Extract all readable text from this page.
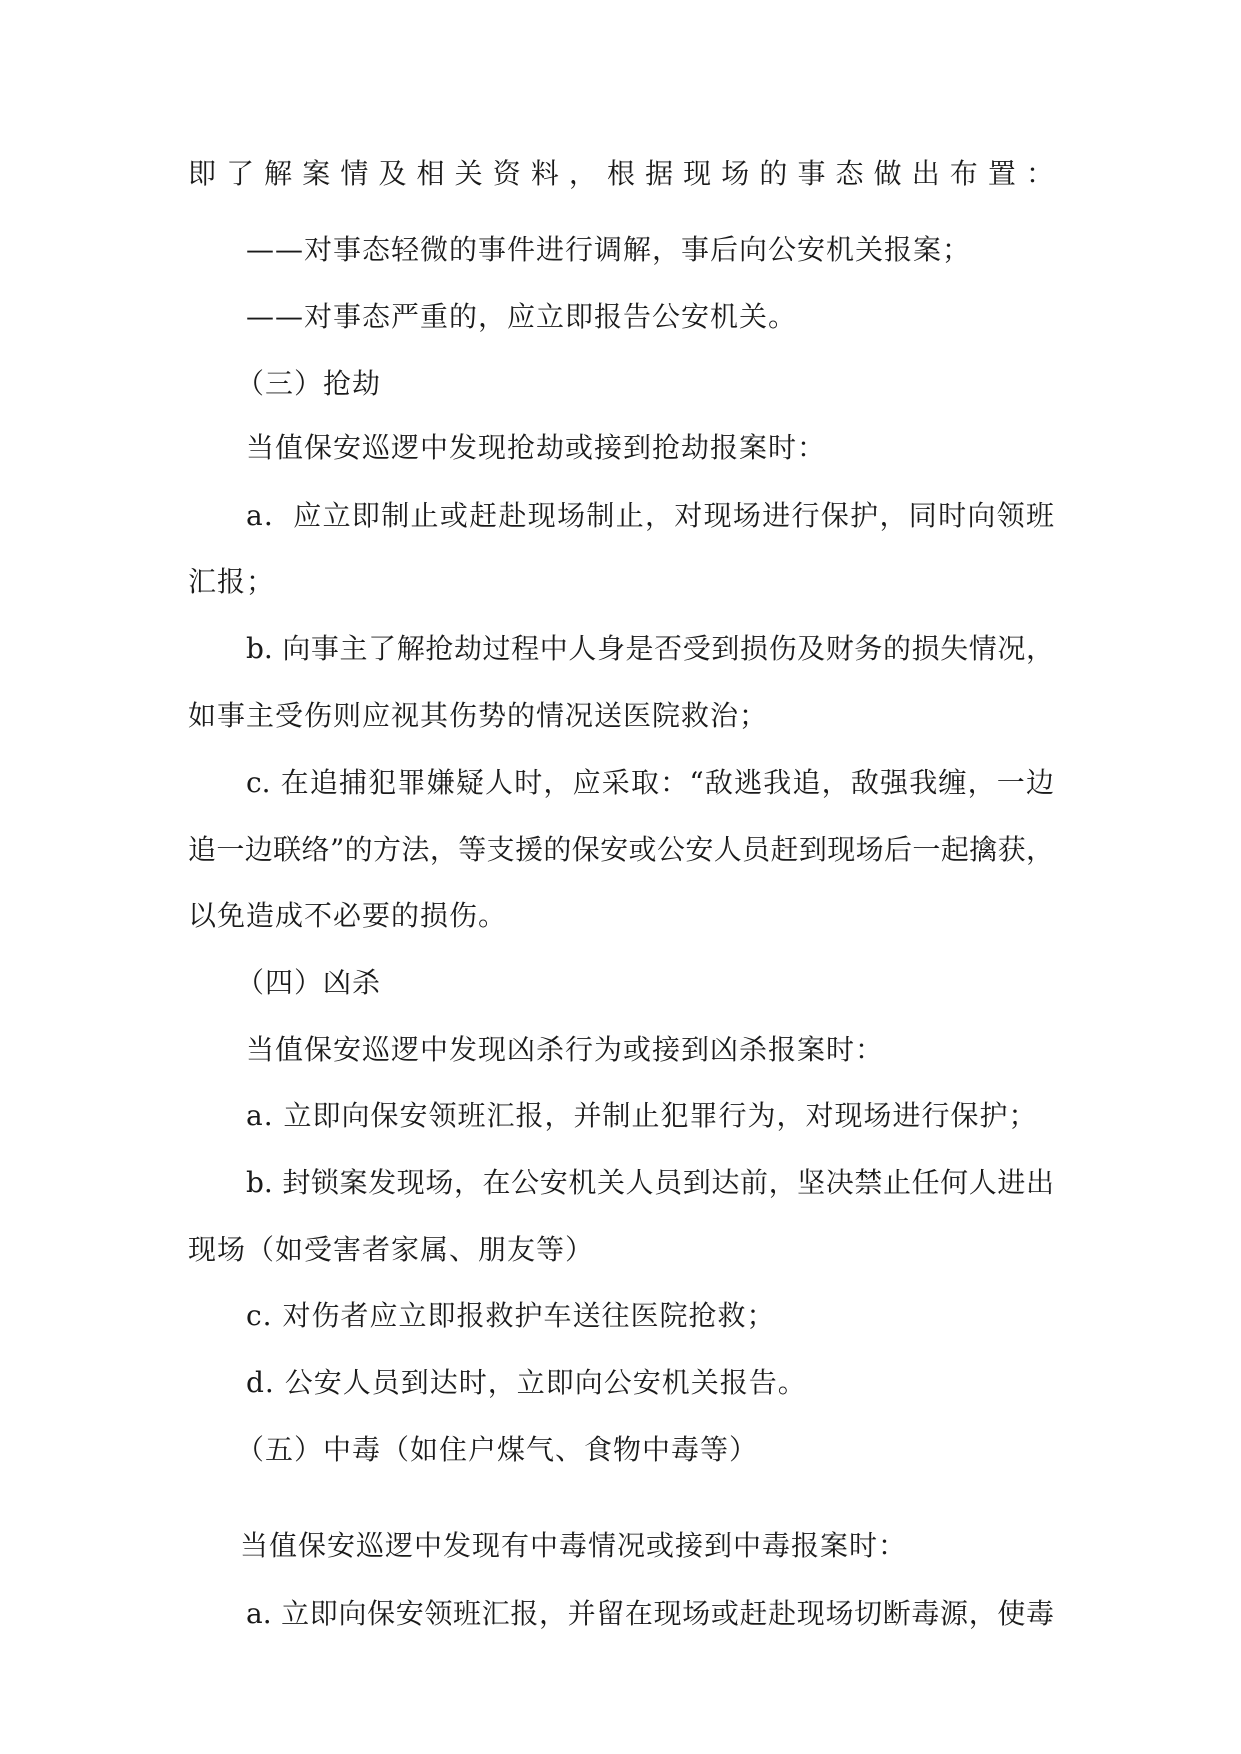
即了解案情及相关资料，根据现场的事态做出布置：
——对事态轻微的事件进行调解，事后向公安机关报案；
——对事态严重的，应立即报告公安机关。
（三）抢劫
当值保安巡逻中发现抢劫或接到抢劫报案时：
a．应立即制止或赶赴现场制止，对现场进行保护，同时向领班
汇报；
b. 向事主了解抢劫过程中人身是否受到损伤及财务的损失情况，
如事主受伤则应视其伤势的情况送医院救治；
c. 在追捕犯罪嫌疑人时，应采取：“敌逃我追，敌强我缠，一边
追一边联络”的方法，等支援的保安或公安人员赶到现场后一起擒获，
以免造成不必要的损伤。
（四）凶杀
当值保安巡逻中发现凶杀行为或接到凶杀报案时：
a. 立即向保安领班汇报，并制止犯罪行为，对现场进行保护；
b. 封锁案发现场，在公安机关人员到达前，坚决禁止任何人进出
现场（如受害者家属、朋友等）
c. 对伤者应立即报救护车送往医院抢救；
d. 公安人员到达时，立即向公安机关报告。
（五）中毒（如住户煤气、食物中毒等）
当值保安巡逻中发现有中毒情况或接到中毒报案时：
a. 立即向保安领班汇报，并留在现场或赶赴现场切断毒源，使毒
